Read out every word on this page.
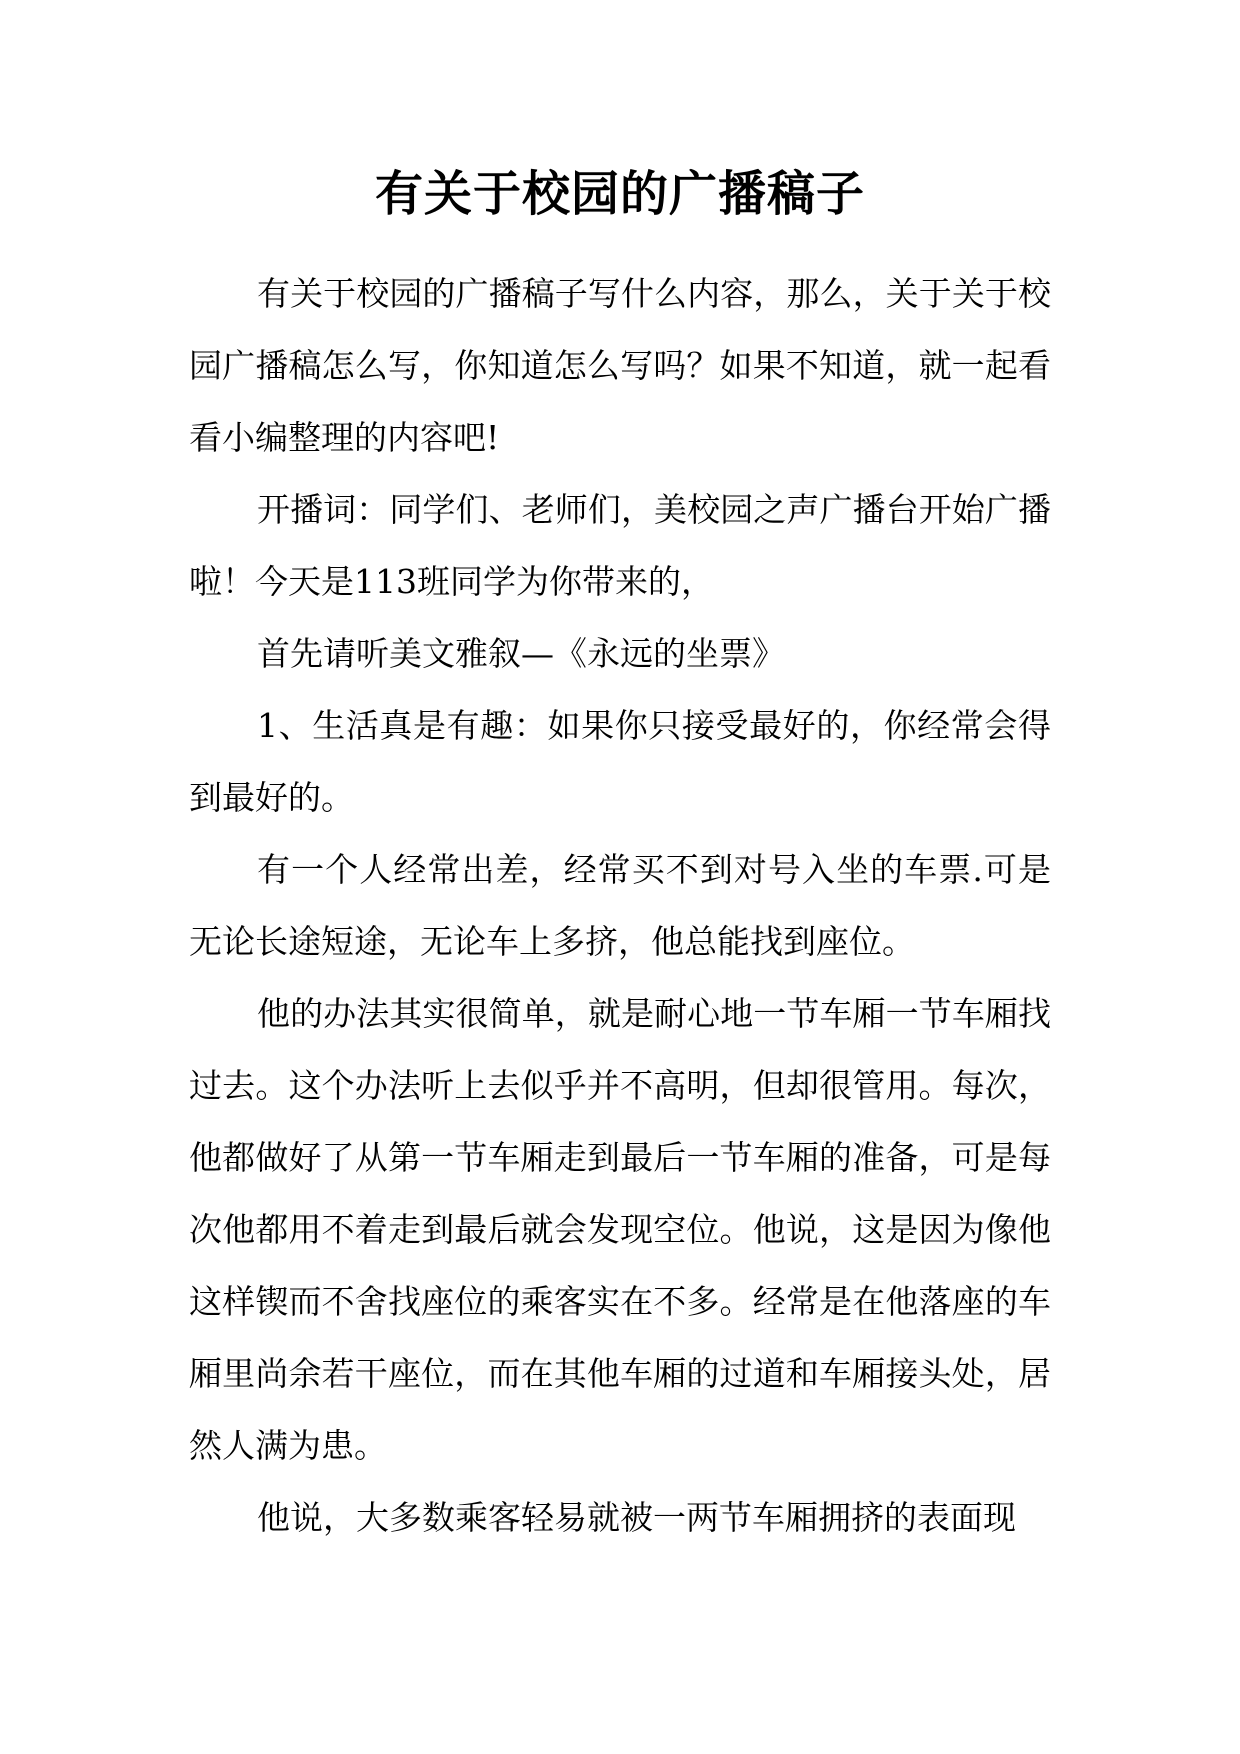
有关于校园的广播稿子

有关于校园的广播稿子写什么内容，那么，关于关于校园广播稿怎么写，你知道怎么写吗？如果不知道，就一起看看小编整理的内容吧!

开播词：同学们、老师们，美校园之声广播台开始广播啦！今天是113班同学为你带来的，

首先请听美文雅叙—《永远的坐票》

1、生活真是有趣：如果你只接受最好的，你经常会得到最好的。

有一个人经常出差，经常买不到对号入坐的车票.可是无论长途短途，无论车上多挤，他总能找到座位。

他的办法其实很简单，就是耐心地一节车厢一节车厢找过去。这个办法听上去似乎并不高明，但却很管用。每次，他都做好了从第一节车厢走到最后一节车厢的准备，可是每次他都用不着走到最后就会发现空位。他说，这是因为像他这样锲而不舍找座位的乘客实在不多。经常是在他落座的车厢里尚余若干座位，而在其他车厢的过道和车厢接头处，居然人满为患。

他说，大多数乘客轻易就被一两节车厢拥挤的表面现
